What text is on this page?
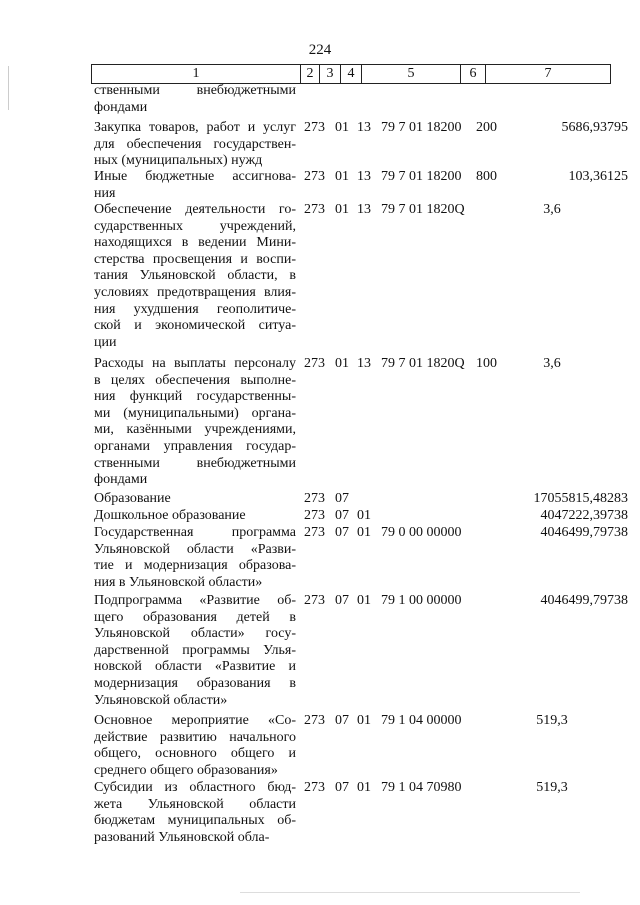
224
1	2	3	4	5	6	7
ственными внебюджетными
фондами
Закупка товаров, работ и услуг
для обеспечения государствен-
ных (муниципальных) нужд
273 01 13 79 7 01 18200 200	5686,93795
Иные бюджетные ассигнова-
ния
273 01 13 79 7 01 18200 800	103,36125
Обеспечение деятельности го-
сударственных учреждений,
находящихся в ведении Мини-
стерства просвещения и воспи-
тания Ульяновской области, в
условиях предотвращения влия-
ния ухудшения геополитиче-
ской и экономической ситуа-
ции
273 01 13 79 7 01 1820Q	3,6
Расходы на выплаты персоналу
в целях обеспечения выполне-
ния функций государственны-
ми (муниципальными) органа-
ми, казёнными учреждениями,
органами управления государ-
ственными внебюджетными
фондами
273 01 13 79 7 01 1820Q 100	3,6
Образование	273 07	17055815,48283
Дошкольное образование	273 07 01	4047222,39738
Государственная программа
Ульяновской области «Разви-
тие и модернизация образова-
ния в Ульяновской области»
273 07 01 79 0 00 00000	4046499,79738
Подпрограмма «Развитие об-
щего образования детей в
Ульяновской области» госу-
дарственной программы Улья-
новской области «Развитие и
модернизация образования в
Ульяновской области»
273 07 01 79 1 00 00000	4046499,79738
Основное мероприятие «Со-
действие развитию начального
общего, основного общего и
среднего общего образования»
273 07 01 79 1 04 00000	519,3
Субсидии из областного бюд-
жета Ульяновской области
бюджетам муниципальных об-
разований Ульяновской обла-
273 07 01 79 1 04 70980	519,3
